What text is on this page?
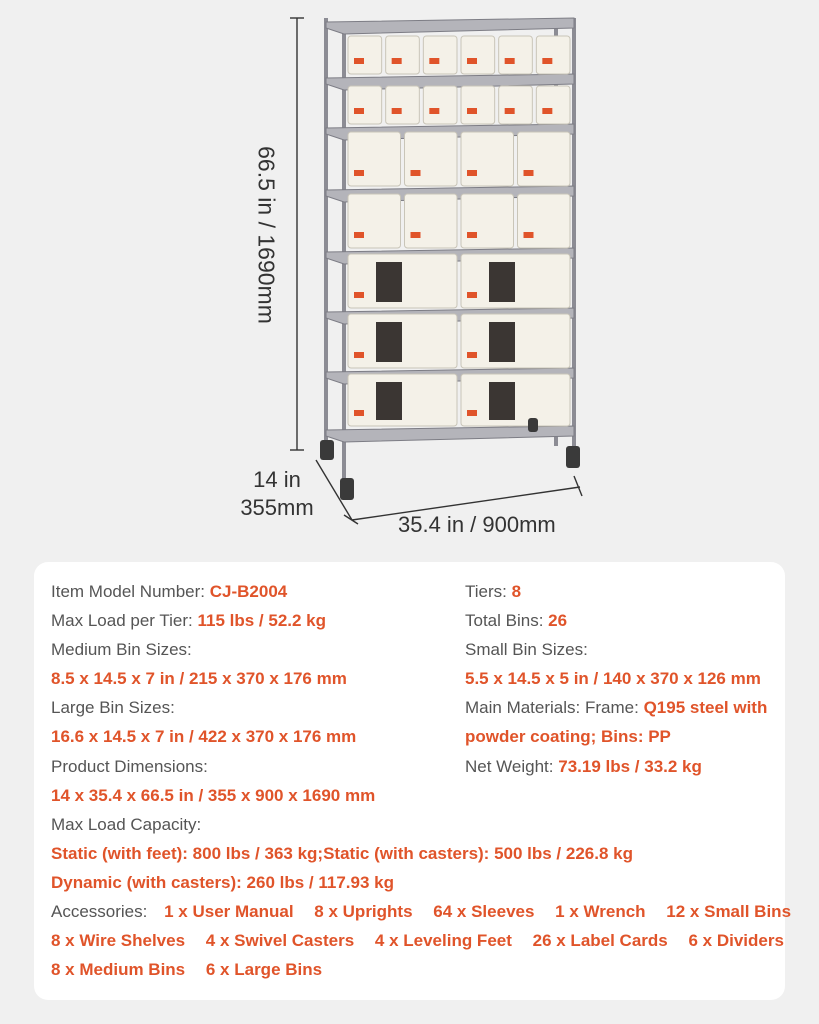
66.5 in / 1690mm
14 in
355mm
35.4 in / 900mm
Item Model Number: CJ-B2004
Max Load per Tier: 115 lbs / 52.2 kg
Medium Bin Sizes:
8.5 x 14.5 x 7 in / 215 x 370 x 176 mm
Large Bin Sizes:
16.6 x 14.5 x 7 in / 422 x 370 x 176 mm
Product Dimensions:
14 x 35.4 x 66.5 in / 355 x 900 x 1690 mm
Max Load Capacity:
Static (with feet): 800 lbs / 363 kg;Static (with casters): 500 lbs / 226.8 kg
Dynamic (with casters): 260 lbs / 117.93 kg
Tiers: 8
Total Bins: 26
Small Bin Sizes:
5.5 x 14.5 x 5 in / 140 x 370 x 126 mm
Main Materials: Frame: Q195 steel with
powder coating; Bins: PP
Net Weight: 73.19 lbs / 33.2 kg
Accessories: 1 x User Manual 8 x Uprights 64 x Sleeves 1 x Wrench 12 x Small Bins
8 x Wire Shelves 4 x Swivel Casters 4 x Leveling Feet 26 x Label Cards 6 x Dividers
8 x Medium Bins 6 x Large Bins
